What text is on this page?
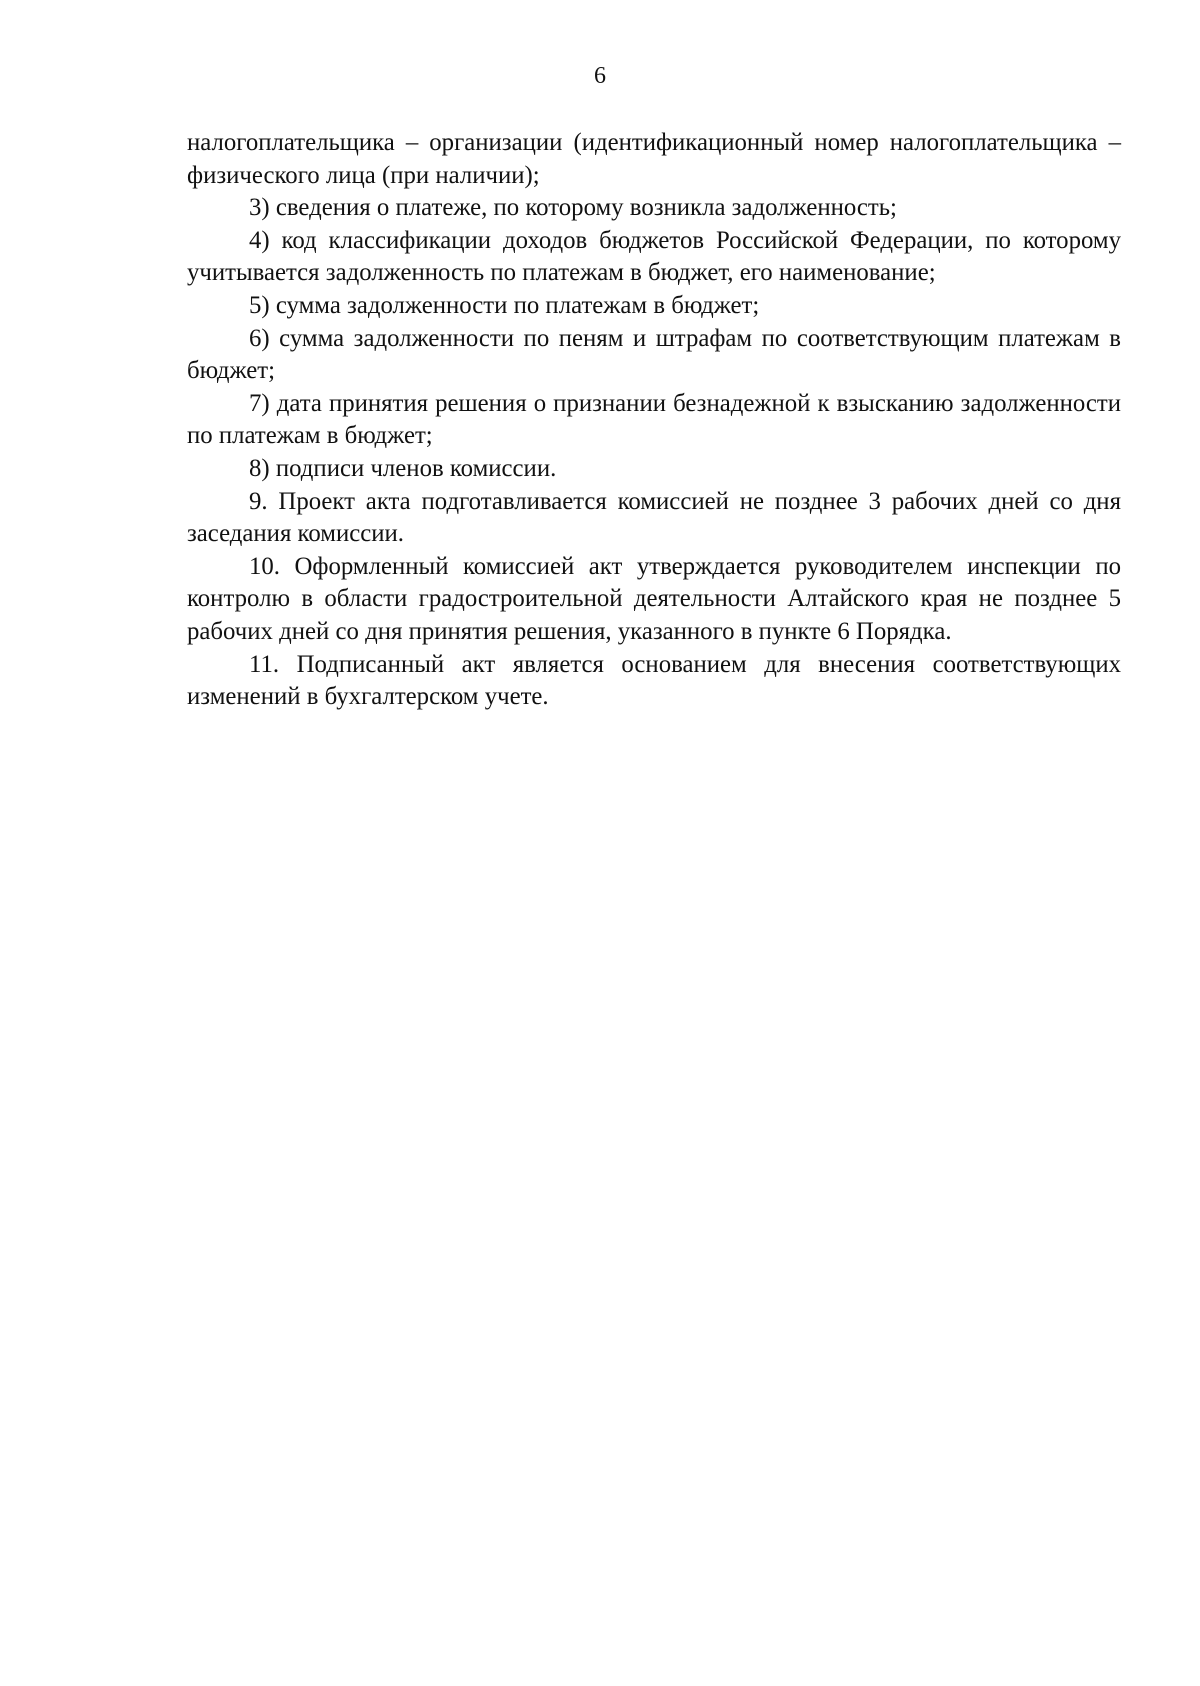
6

налогоплательщика – организации (идентификационный номер налогоплательщика – физического лица (при наличии);

3) сведения о платеже, по которому возникла задолженность;

4) код классификации доходов бюджетов Российской Федерации, по которому учитывается задолженность по платежам в бюджет, его наименование;

5) сумма задолженности по платежам в бюджет;

6) сумма задолженности по пеням и штрафам по соответствующим платежам в бюджет;

7) дата принятия решения о признании безнадежной к взысканию задолженности по платежам в бюджет;

8) подписи членов комиссии.

9. Проект акта подготавливается комиссией не позднее 3 рабочих дней со дня заседания комиссии.

10. Оформленный комиссией акт утверждается руководителем инспекции по контролю в области градостроительной деятельности Алтайского края не позднее 5 рабочих дней со дня принятия решения, указанного в пункте 6 Порядка.

11. Подписанный акт является основанием для внесения соответствующих изменений в бухгалтерском учете.
